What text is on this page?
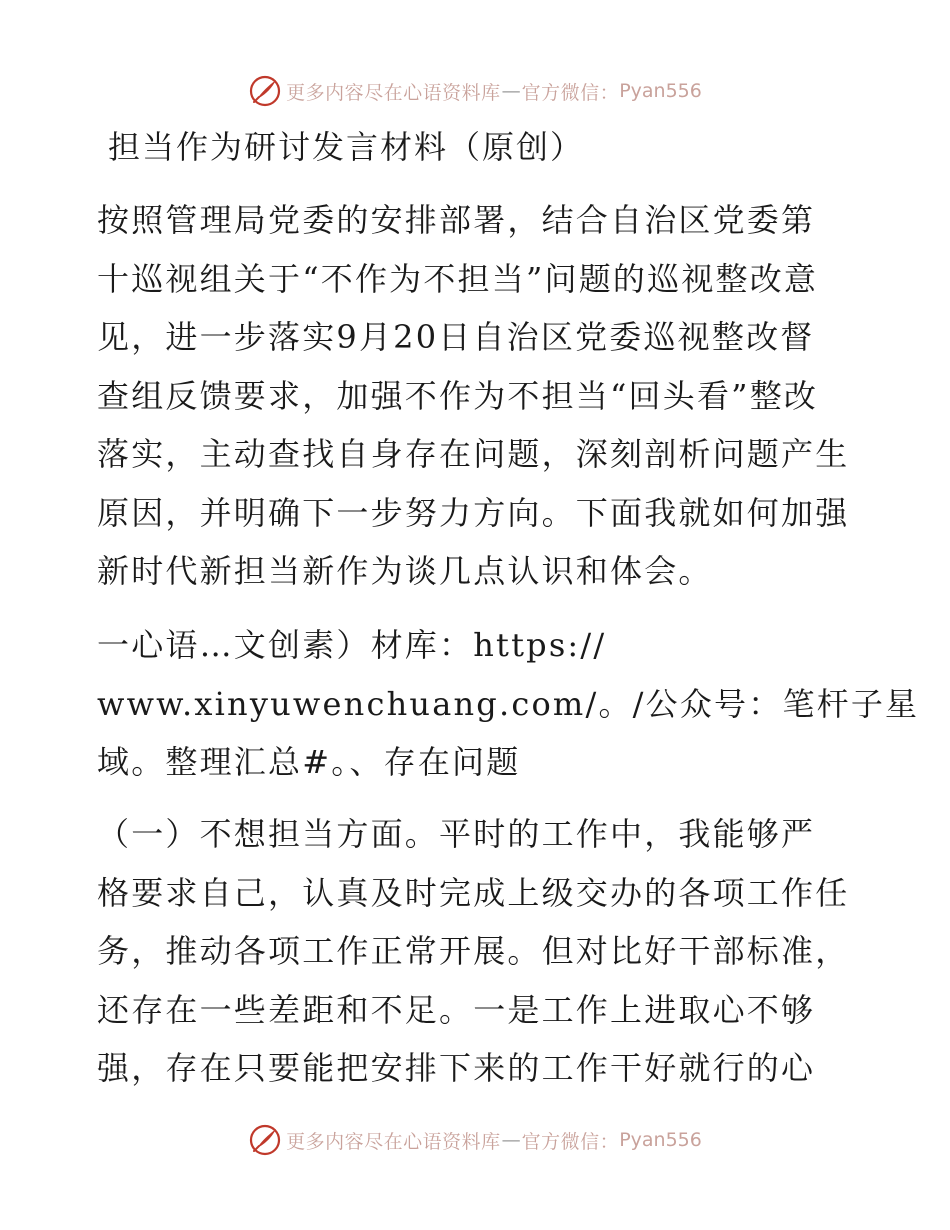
更多内容尽在心语资料库 — 官方微信： Pyan556
担当作为研讨发言材料（原创）
按照管理局党委的安排部署，结合自治区党委第
十巡视组关于“不作为不担当”问题的巡视整改意
见，进一步落实9月20日自治区党委巡视整改督
查组反馈要求，加强不作为不担当“回头看”整改
落实，主动查找自身存在问题，深刻剖析问题产生
原因，并明确下一步努力方向。下面我就如何加强
新时代新担当新作为谈几点认识和体会。
一心语…文创素）材库：https://
www.xinyuwenchuang.com/。/公众号：笔杆子星
域。整理汇总#。、存在问题
（一）不想担当方面。平时的工作中，我能够严
格要求自己，认真及时完成上级交办的各项工作任
务，推动各项工作正常开展。但对比好干部标准，
还存在一些差距和不足。一是工作上进取心不够
强，存在只要能把安排下来的工作干好就行的心
更多内容尽在心语资料库 — 官方微信： Pyan556
